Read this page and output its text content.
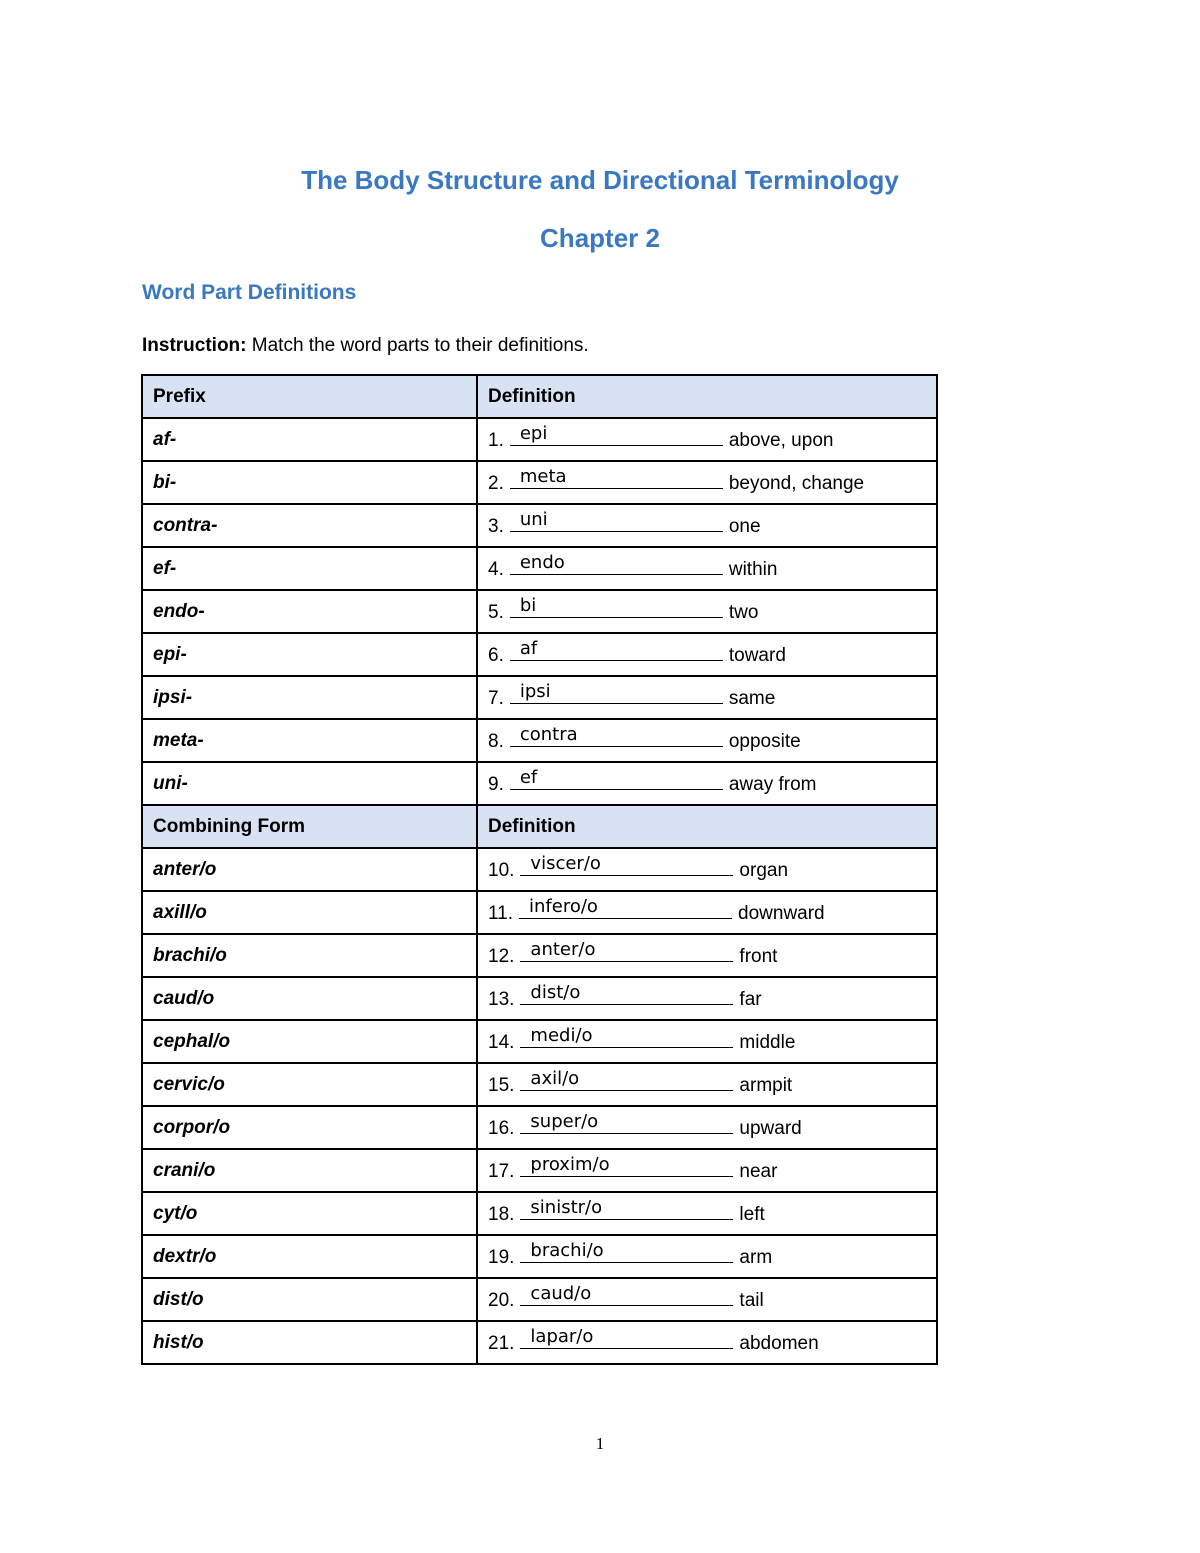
The Body Structure and Directional Terminology
Chapter 2
Word Part Definitions

Instruction: Match the word parts to their definitions.

Prefix	Definition
af-	1. epi above, upon
bi-	2. meta beyond, change
contra-	3. uni one
ef-	4. endo within
endo-	5. bi two
epi-	6. af toward
ipsi-	7. ipsi same
meta-	8. contra opposite
uni-	9. ef away from
Combining Form	Definition
anter/o	10. viscer/o organ
axill/o	11. infero/o downward
brachi/o	12. anter/o front
caud/o	13. dist/o far
cephal/o	14. medi/o middle
cervic/o	15. axil/o armpit
corpor/o	16. super/o upward
crani/o	17. proxim/o near
cyt/o	18. sinistr/o left
dextr/o	19. brachi/o arm
dist/o	20. caud/o tail
hist/o	21. lapar/o abdomen

1
